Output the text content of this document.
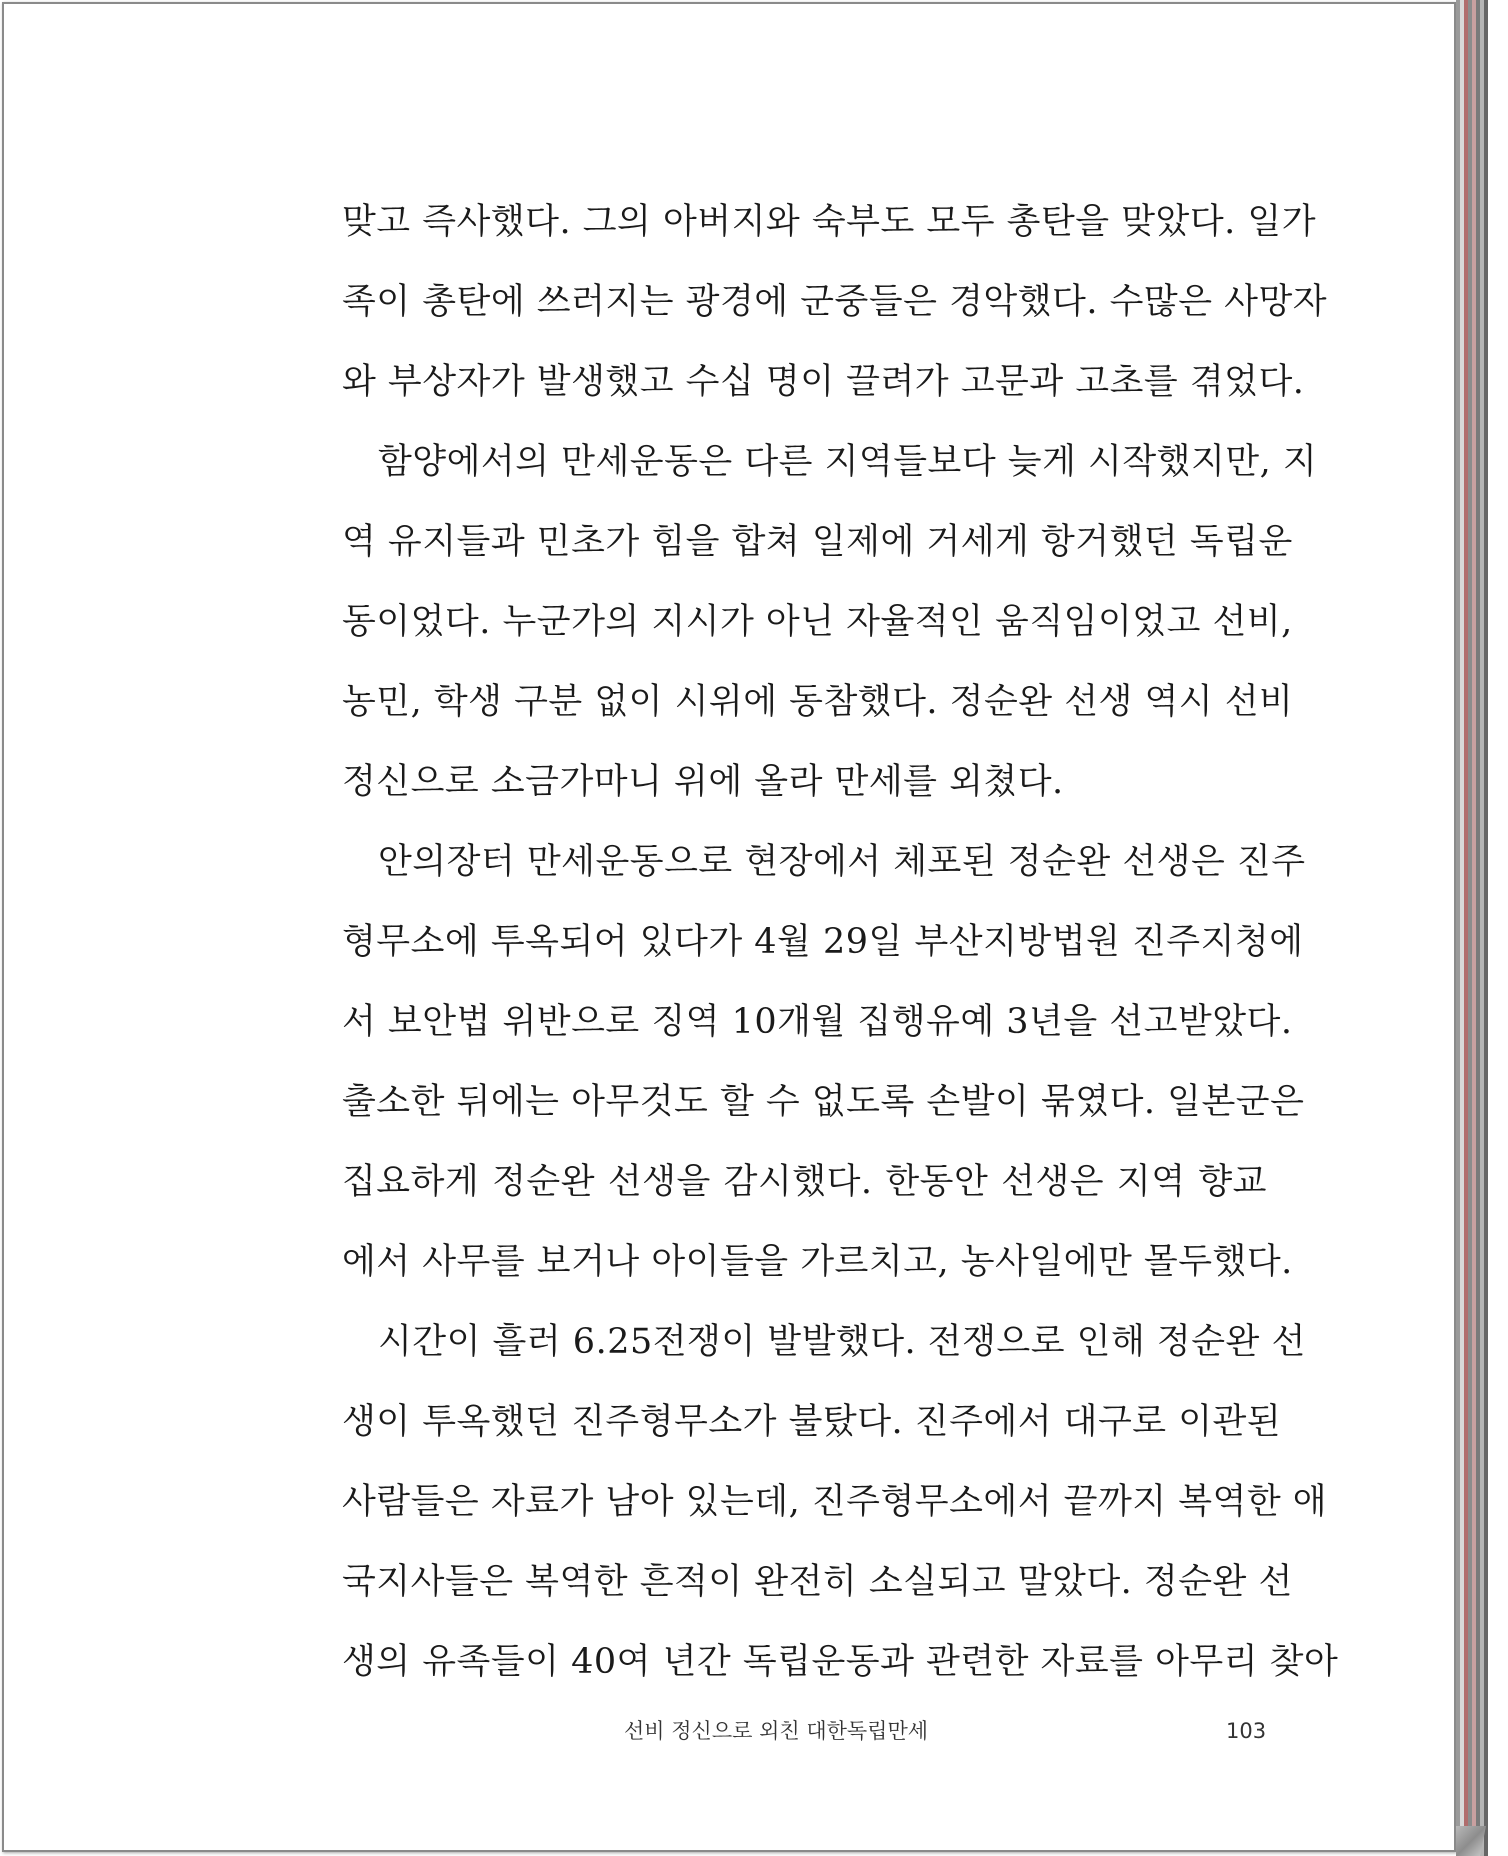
맞고 즉사했다. 그의 아버지와 숙부도 모두 총탄을 맞았다. 일가
족이 총탄에 쓰러지는 광경에 군중들은 경악했다. 수많은 사망자
와 부상자가 발생했고 수십 명이 끌려가 고문과 고초를 겪었다.
함양에서의 만세운동은 다른 지역들보다 늦게 시작했지만, 지
역 유지들과 민초가 힘을 합쳐 일제에 거세게 항거했던 독립운
동이었다. 누군가의 지시가 아닌 자율적인 움직임이었고 선비,
농민, 학생 구분 없이 시위에 동참했다. 정순완 선생 역시 선비
정신으로 소금가마니 위에 올라 만세를 외쳤다.
안의장터 만세운동으로 현장에서 체포된 정순완 선생은 진주
형무소에 투옥되어 있다가 4월 29일 부산지방법원 진주지청에
서 보안법 위반으로 징역 10개월 집행유예 3년을 선고받았다.
출소한 뒤에는 아무것도 할 수 없도록 손발이 묶였다. 일본군은
집요하게 정순완 선생을 감시했다. 한동안 선생은 지역 향교
에서 사무를 보거나 아이들을 가르치고, 농사일에만 몰두했다.
시간이 흘러 6.25전쟁이 발발했다. 전쟁으로 인해 정순완 선
생이 투옥했던 진주형무소가 불탔다. 진주에서 대구로 이관된
사람들은 자료가 남아 있는데, 진주형무소에서 끝까지 복역한 애
국지사들은 복역한 흔적이 완전히 소실되고 말았다. 정순완 선
생의 유족들이 40여 년간 독립운동과 관련한 자료를 아무리 찾아
선비 정신으로 외친 대한독립만세	103
